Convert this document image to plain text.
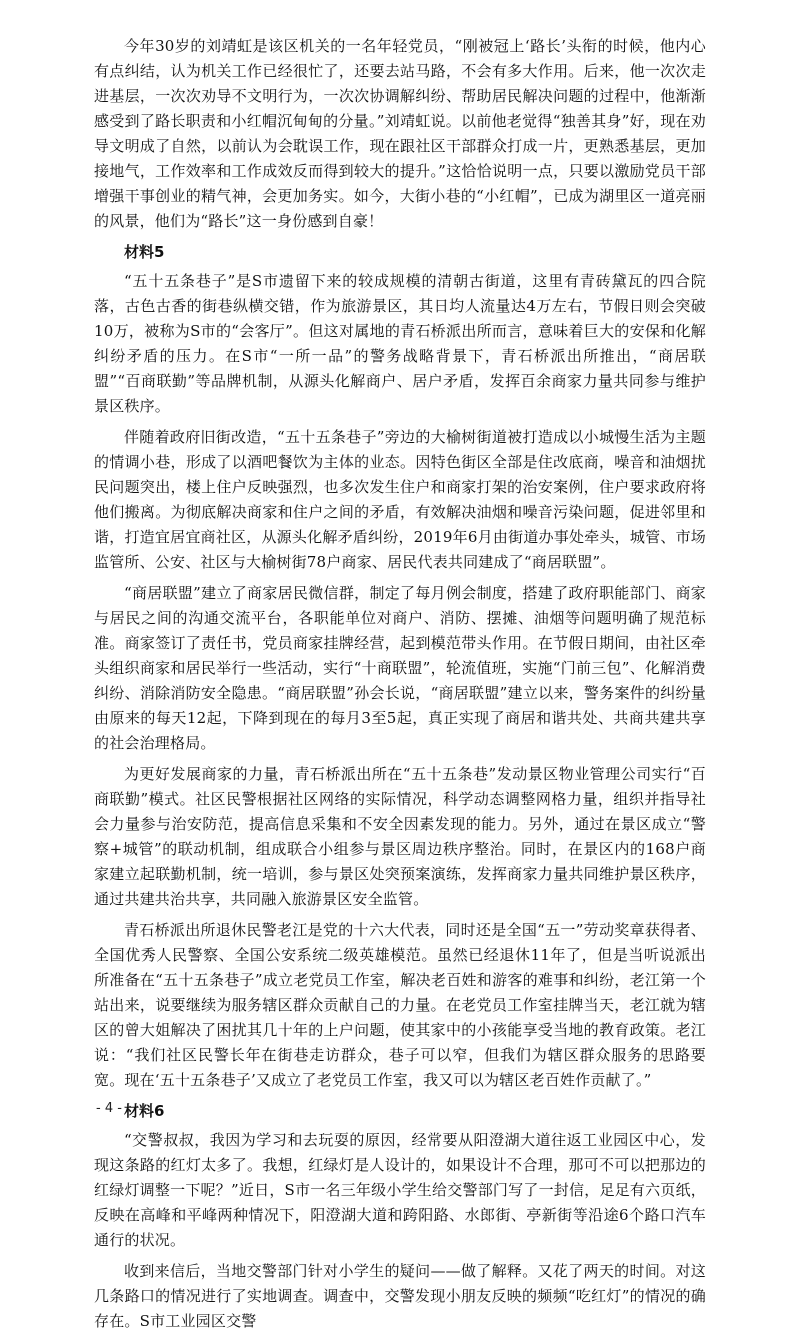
今年30岁的刘靖虹是该区机关的一名年轻党员，“刚被冠上‘路长’头衔的时候，他内心有点纠结，认为机关工作已经很忙了，还要去站马路，不会有多大作用。后来，他一次次走进基层，一次次劝导不文明行为，一次次协调解纠纷、帮助居民解决问题的过程中，他渐渐感受到了路长职责和小红帽沉甸甸的分量。”刘靖虹说。以前他老觉得“独善其身”好，现在劝导文明成了自然，以前认为会耽误工作，现在跟社区干部群众打成一片，更熟悉基层，更加接地气，工作效率和工作成效反而得到较大的提升。”这恰恰说明一点，只要以激励党员干部增强干事创业的精气神，会更加务实。如今，大街小巷的“小红帽”，已成为湖里区一道亮丽的风景，他们为“路长”这一身份感到自豪！

材料5

“五十五条巷子”是S市遗留下来的较成规模的清朝古街道，这里有青砖黛瓦的四合院落，古色古香的街巷纵横交错，作为旅游景区，其日均人流量达4万左右，节假日则会突破10万，被称为S市的“会客厅”。但这对属地的青石桥派出所而言，意味着巨大的安保和化解纠纷矛盾的压力。在S市“一所一品”的警务战略背景下，青石桥派出所推出，“商居联盟”“百商联勤”等品牌机制，从源头化解商户、居户矛盾，发挥百余商家力量共同参与维护景区秩序。

伴随着政府旧街改造，“五十五条巷子”旁边的大榆树街道被打造成以小城慢生活为主题的情调小巷，形成了以酒吧餐饮为主体的业态。因特色街区全部是住改底商，噪音和油烟扰民问题突出，楼上住户反映强烈，也多次发生住户和商家打架的治安案例，住户要求政府将他们搬离。为彻底解决商家和住户之间的矛盾，有效解决油烟和噪音污染问题，促进邻里和谐，打造宜居宜商社区，从源头化解矛盾纠纷，2019年6月由街道办事处牵头，城管、市场监管所、公安、社区与大榆树街78户商家、居民代表共同建成了“商居联盟”。

“商居联盟”建立了商家居民微信群，制定了每月例会制度，搭建了政府职能部门、商家与居民之间的沟通交流平台，各职能单位对商户、消防、摆摊、油烟等问题明确了规范标准。商家签订了责任书，党员商家挂牌经营，起到模范带头作用。在节假日期间，由社区牵头组织商家和居民举行一些活动，实行“十商联盟”，轮流值班，实施“门前三包”、化解消费纠纷、消除消防安全隐患。“商居联盟”孙会长说，“商居联盟”建立以来，警务案件的纠纷量由原来的每天12起，下降到现在的每月3至5起，真正实现了商居和谐共处、共商共建共享的社会治理格局。

为更好发展商家的力量，青石桥派出所在“五十五条巷”发动景区物业管理公司实行“百商联勤”模式。社区民警根据社区网络的实际情况，科学动态调整网格力量，组织并指导社会力量参与治安防范，提高信息采集和不安全因素发现的能力。另外，通过在景区成立“警察+城管”的联动机制，组成联合小组参与景区周边秩序整治。同时，在景区内的168户商家建立起联勤机制，统一培训，参与景区处突预案演练，发挥商家力量共同维护景区秩序，通过共建共治共享，共同融入旅游景区安全监管。

青石桥派出所退休民警老江是党的十六大代表，同时还是全国“五一”劳动奖章获得者、全国优秀人民警察、全国公安系统二级英雄模范。虽然已经退休11年了，但是当听说派出所准备在“五十五条巷子”成立老党员工作室，解决老百姓和游客的难事和纠纷，老江第一个站出来，说要继续为服务辖区群众贡献自己的力量。在老党员工作室挂牌当天，老江就为辖区的曾大姐解决了困扰其几十年的上户问题，使其家中的小孩能享受当地的教育政策。老江说：“我们社区民警长年在街巷走访群众，巷子可以窄，但我们为辖区群众服务的思路要宽。现在‘五十五条巷子’又成立了老党员工作室，我又可以为辖区老百姓作贡献了。”

材料6

“交警叔叔，我因为学习和去玩耍的原因，经常要从阳澄湖大道往返工业园区中心，发现这条路的红灯太多了。我想，红绿灯是人设计的，如果设计不合理，那可不可以把那边的红绿灯调整一下呢？”近日，S市一名三年级小学生给交警部门写了一封信，足足有六页纸，反映在高峰和平峰两种情况下，阳澄湖大道和跨阳路、水郎街、亭新街等沿途6个路口汽车通行的状况。

收到来信后，当地交警部门针对小学生的疑问——做了解释。又花了两天的时间。对这几条路口的情况进行了实地调查。调查中，交警发现小朋友反映的频频“吃红灯”的情况的确存在。S市工业园区交警

- 4 -
